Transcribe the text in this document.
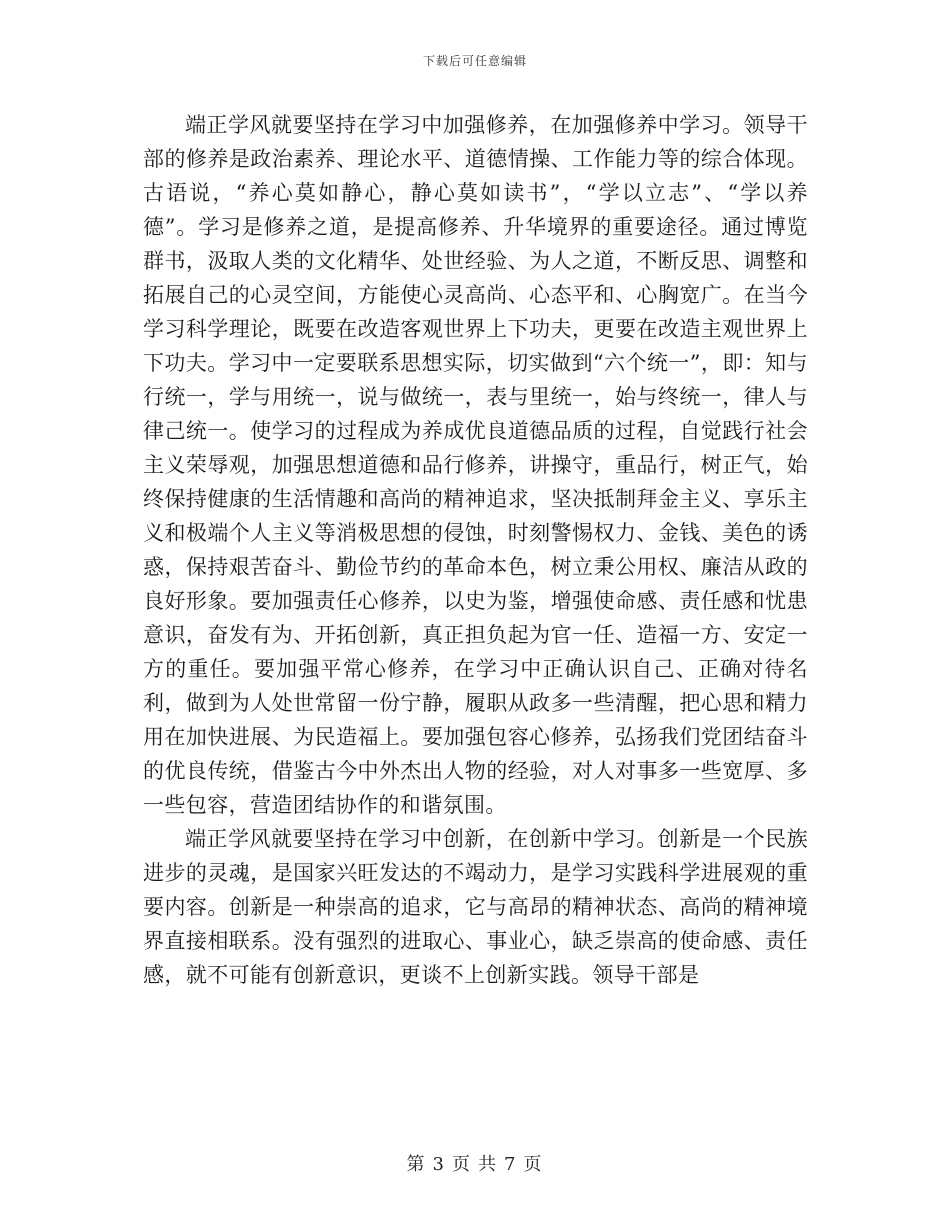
下载后可任意编辑

端正学风就要坚持在学习中加强修养，在加强修养中学习。领导干部的修养是政治素养、理论水平、道德情操、工作能力等的综合体现。古语说，“养心莫如静心，静心莫如读书”，“学以立志”、“学以养德”。学习是修养之道，是提高修养、升华境界的重要途径。通过博览群书，汲取人类的文化精华、处世经验、为人之道，不断反思、调整和拓展自己的心灵空间，方能使心灵高尚、心态平和、心胸宽广。在当今学习科学理论，既要在改造客观世界上下功夫，更要在改造主观世界上下功夫。学习中一定要联系思想实际，切实做到“六个统一”，即：知与行统一，学与用统一，说与做统一，表与里统一，始与终统一，律人与律己统一。使学习的过程成为养成优良道德品质的过程，自觉践行社会主义荣辱观，加强思想道德和品行修养，讲操守，重品行，树正气，始终保持健康的生活情趣和高尚的精神追求，坚决抵制拜金主义、享乐主义和极端个人主义等消极思想的侵蚀，时刻警惕权力、金钱、美色的诱惑，保持艰苦奋斗、勤俭节约的革命本色，树立秉公用权、廉洁从政的良好形象。要加强责任心修养，以史为鉴，增强使命感、责任感和忧患意识，奋发有为、开拓创新，真正担负起为官一任、造福一方、安定一方的重任。要加强平常心修养，在学习中正确认识自己、正确对待名利，做到为人处世常留一份宁静，履职从政多一些清醒，把心思和精力用在加快进展、为民造福上。要加强包容心修养，弘扬我们党团结奋斗的优良传统，借鉴古今中外杰出人物的经验，对人对事多一些宽厚、多一些包容，营造团结协作的和谐氛围。

端正学风就要坚持在学习中创新，在创新中学习。创新是一个民族进步的灵魂，是国家兴旺发达的不竭动力，是学习实践科学进展观的重要内容。创新是一种崇高的追求，它与高昂的精神状态、高尚的精神境界直接相联系。没有强烈的进取心、事业心，缺乏崇高的使命感、责任感，就不可能有创新意识，更谈不上创新实践。领导干部是

第 3 页 共 7 页
